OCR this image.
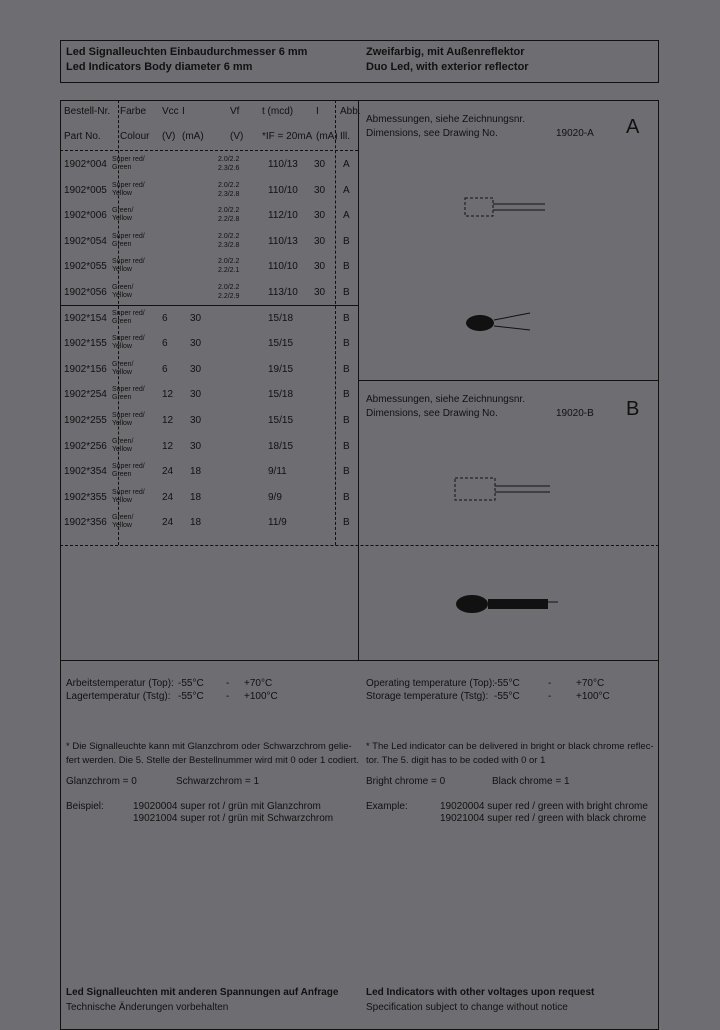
Led Signalleuchten Einbaudurchmesser 6 mm
Led Indicators Body diameter 6 mm
Zweifarbig, mit Außenreflektor
Duo Led, with exterior reflector
Bestell-Nr. Farbe Vcc I	Vf t (mcd) I Abb.
Part No. Colour (V) (mA)	(V) *IF = 20mA (mA) Ill.
1902*004 Super red/
Green
2.0/2.2
2.3/2.6	110/13 30 A
1902*005 Super red/
Yellow
2.0/2.2
2.3/2.8	110/10 30 A
1902*006 Green/
Yellow
2.0/2.2
2.2/2.8	112/10 30 A
1902*054 Super red/
Green
2.0/2.2
2.3/2.8	110/13 30 B
1902*055 Super red/
Yellow
2.0/2.2
2.2/2.1	110/10 30 B
1902*056 Green/
Yellow
2.0/2.2
2.2/2.9	113/10 30 B
1902*154 Super red/
Green	6 30	15/18	B
1902*155 Super red/
Yellow	6 30	15/15	B
1902*156 Green/
Yellow	6 30	19/15	B
1902*254 Super red/
Green	12 30	15/18	B
1902*255 Super red/
Yellow	12 30	15/15	B
1902*256 Green/
Yellow	12 30	18/15	B
1902*354 Super red/
Green	24 18	9/11	B
1902*355 Super red/
Yellow	24 18	9/9	B
1902*356 Green/
Yellow	24 18	11/9	B
Abmessungen, siehe Zeichnungsnr.
Dimensions, see Drawing No.	19020-A A
Abmessungen, siehe Zeichnungsnr.
Dimensions, see Drawing No.	19020-B B
Arbeitstemperatur (Top): -55°C - +70°C
Lagertemperatur (Tstg): -55°C - +100°C
Operating temperature (Top): -55°C	- +70°C
Storage temperature (Tstg): -55°C	- +100°C
* Die Signalleuchte kann mit Glanzchrom oder Schwarzchrom gelie-
fert werden. Die 5. Stelle der Bestellnummer wird mit 0 oder 1 codiert.
* The Led indicator can be delivered in bright or black chrome reflec-
tor. The 5. digit has to be coded with 0 or 1
Glanzchrom = 0	Schwarzchrom = 1	Bright chrome = 0	Black chrome = 1
Beispiel:	19020004 super rot / grün mit Glanzchrom
19021004 super rot / grün mit Schwarzchrom
Example:	19020004 super red / green with bright chrome
19021004 super red / green with black chrome
Led Signalleuchten mit anderen Spannungen auf Anfrage
Technische Änderungen vorbehalten
Led Indicators with other voltages upon request
Specification subject to change without notice
